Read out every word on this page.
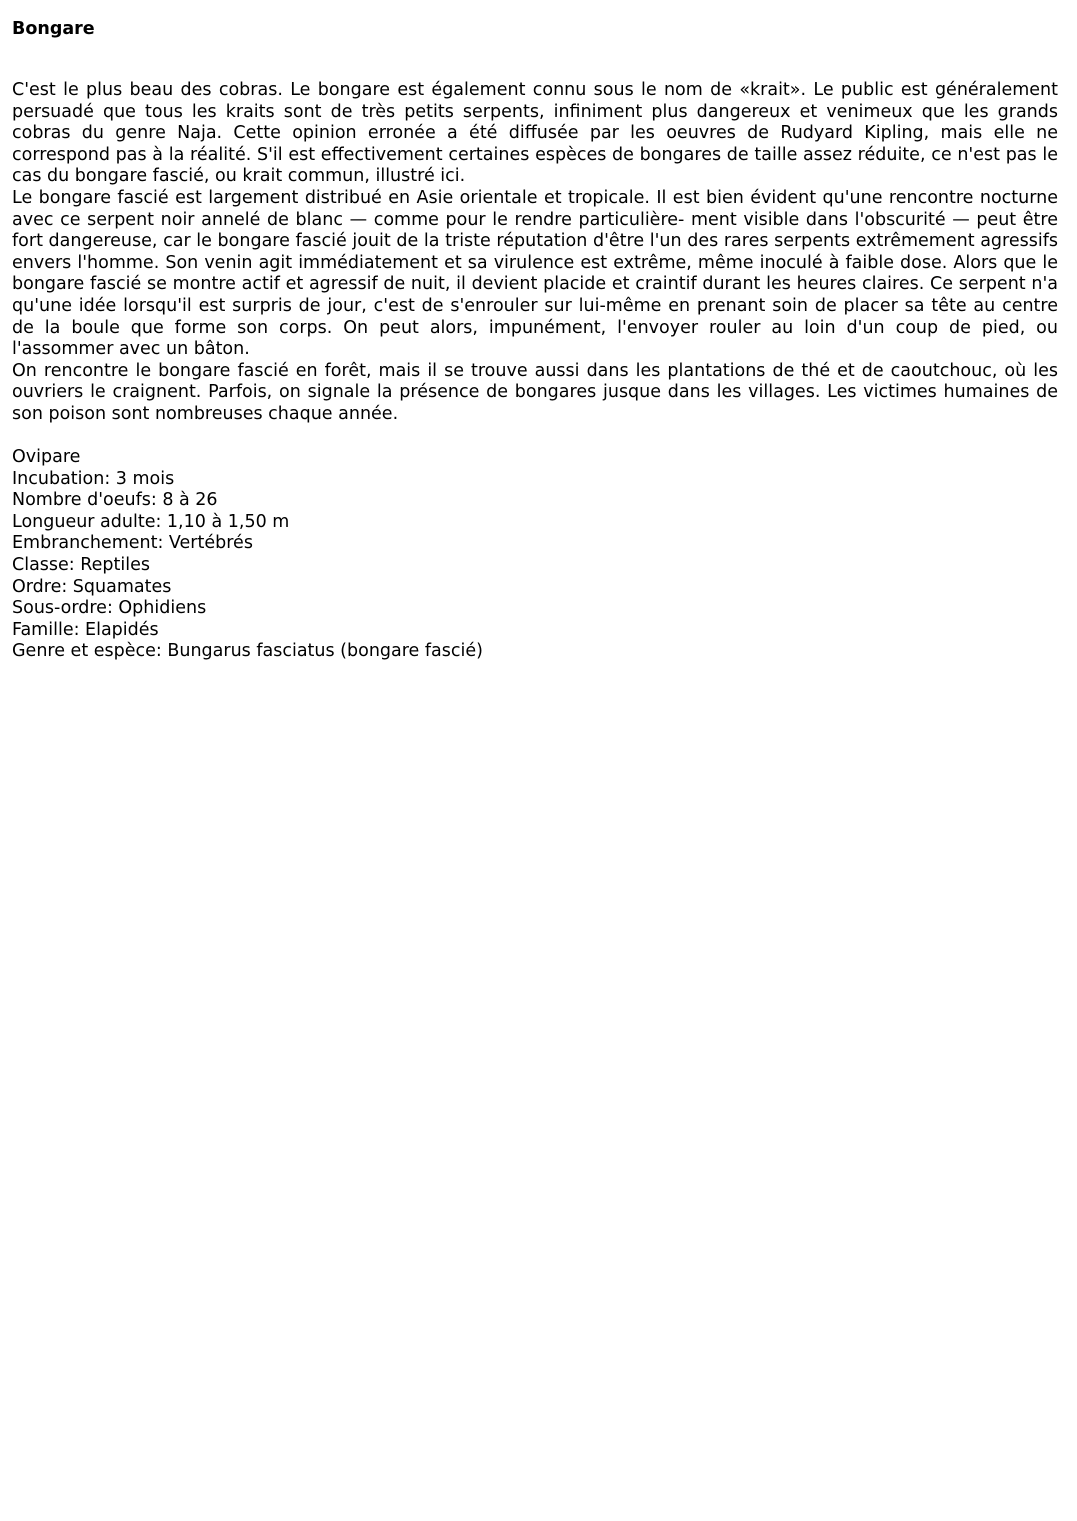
Bongare

C'est le plus beau des cobras. Le bongare est également connu sous le nom de «krait». Le public est généralement persuadé que tous les kraits sont de très petits serpents, infiniment plus dangereux et venimeux que les grands cobras du genre Naja. Cette opinion erronée a été diffusée par les oeuvres de Rudyard Kipling, mais elle ne correspond pas à la réalité. S'il est effectivement certaines espèces de bongares de taille assez réduite, ce n'est pas le cas du bongare fascié, ou krait commun, illustré ici.

Le bongare fascié est largement distribué en Asie orientale et tropicale. Il est bien évident qu'une rencontre nocturne avec ce serpent noir annelé de blanc — comme pour le rendre particulière- ment visible dans l'obscurité — peut être fort dangereuse, car le bongare fascié jouit de la triste réputation d'être l'un des rares serpents extrêmement agressifs envers l'homme. Son venin agit immédiatement et sa virulence est extrême, même inoculé à faible dose. Alors que le bongare fascié se montre actif et agressif de nuit, il devient placide et craintif durant les heures claires. Ce serpent n'a qu'une idée lorsqu'il est surpris de jour, c'est de s'enrouler sur lui-même en prenant soin de placer sa tête au centre de la boule que forme son corps. On peut alors, impunément, l'envoyer rouler au loin d'un coup de pied, ou l'assommer avec un bâton.

On rencontre le bongare fascié en forêt, mais il se trouve aussi dans les plantations de thé et de caoutchouc, où les ouvriers le craignent. Parfois, on signale la présence de bongares jusque dans les villages. Les victimes humaines de son poison sont nombreuses chaque année.

Ovipare
Incubation: 3 mois
Nombre d'oeufs: 8 à 26
Longueur adulte: 1,10 à 1,50 m
Embranchement: Vertébrés
Classe: Reptiles
Ordre: Squamates
Sous-ordre: Ophidiens
Famille: Elapidés
Genre et espèce: Bungarus fasciatus (bongare fascié)
